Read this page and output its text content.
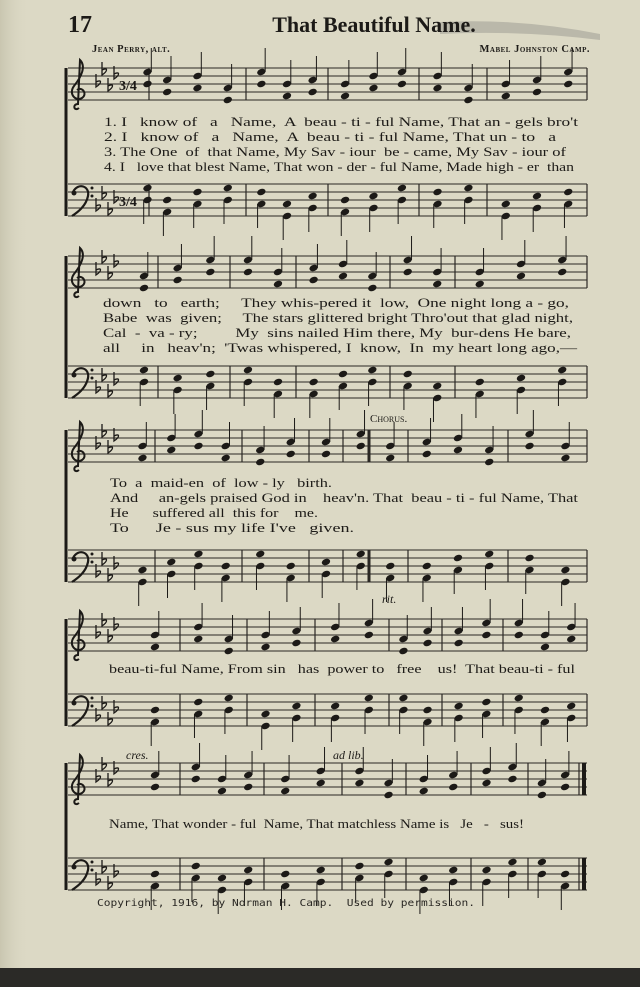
17	That Beautiful Name.
Jean Perry, alt.	Mabel Johnston Camp.
3/4
3/4
Chorus.
rit.
cres.	ad lib.
1. I   know of   a   Name,  A  beau - ti - ful Name, That an - gels bro't
2. I   know of   a   Name,  A  beau - ti - ful Name, That un - to   a
3. The One  of  that Name, My Sav - iour  be - came, My Sav - iour of
4. I   love that blest Name, That won - der - ful Name, Made high - er  than
down   to   earth;     They whis-pered it  low,  One night long a - go,
Babe  was  given;     The stars glittered bright Thro'out that glad night,
Cal  -  va - ry;         My  sins nailed Him there, My  bur-dens He bare,
all     in   heav'n;  'Twas whispered, I  know,  In  my heart long ago,—
To  a  maid-en  of  low - ly   birth.
And     an-gels praised God in    heav'n. That  beau - ti - ful Name, That
He      suffered all  this for    me.
To      Je - sus my life I've   given.
beau-ti-ful Name, From sin   has  power to   free    us!  That beau-ti - ful
Name, That wonder - ful  Name, That matchless Name is   Je   -   sus!
Copyright, 1916, by Norman H. Camp.  Used by permission.
